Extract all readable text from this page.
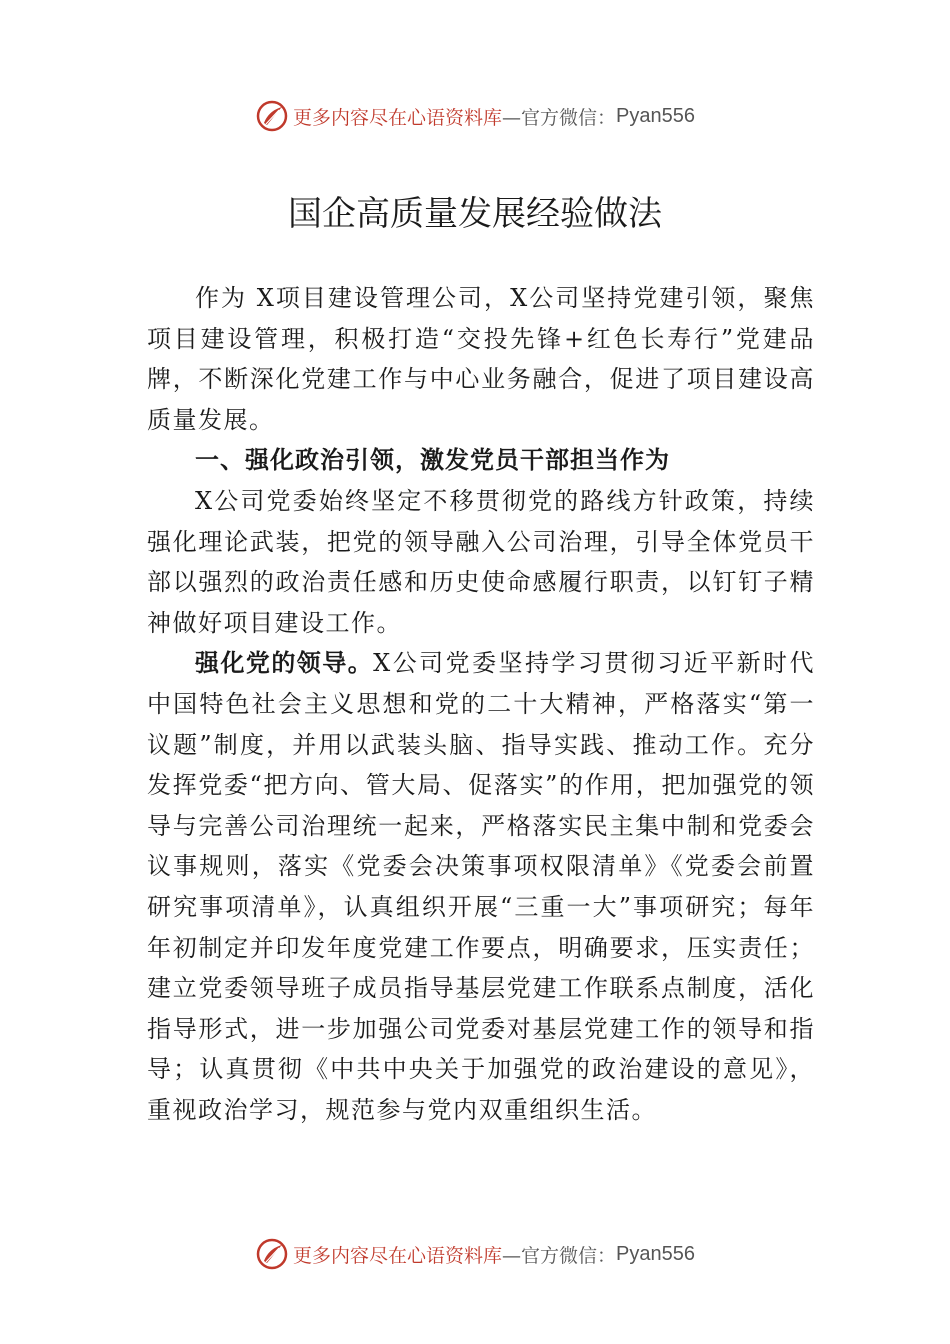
更多内容尽在心语资料库 —官方微信： Pyan556
国企高质量发展经验做法

作为 X项目建设管理公司，X公司坚持党建引领，聚焦项目建设管理，积极打造“交投先锋+红色长寿行”党建品牌，不断深化党建工作与中心业务融合，促进了项目建设高质量发展。

一、强化政治引领，激发党员干部担当作为

X公司党委始终坚定不移贯彻党的路线方针政策，持续强化理论武装，把党的领导融入公司治理，引导全体党员干部以强烈的政治责任感和历史使命感履行职责，以钉钉子精神做好项目建设工作。

强化党的领导。X公司党委坚持学习贯彻习近平新时代中国特色社会主义思想和党的二十大精神，严格落实“第一议题”制度，并用以武装头脑、指导实践、推动工作。充分发挥党委“把方向、管大局、促落实”的作用，把加强党的领导与完善公司治理统一起来，严格落实民主集中制和党委会议事规则，落实《党委会决策事项权限清单》《党委会前置研究事项清单》，认真组织开展“三重一大”事项研究；每年年初制定并印发年度党建工作要点，明确要求，压实责任； 建立党委领导班子成员指导基层党建工作联系点制度，活化指导形式，进一步加强公司党委对基层党建工作的领导和指导；认真贯彻《中共中央关于加强党的政治建设的意见》，重视政治学习，规范参与党内双重组织生活。

更多内容尽在心语资料库 —官方微信： Pyan556
